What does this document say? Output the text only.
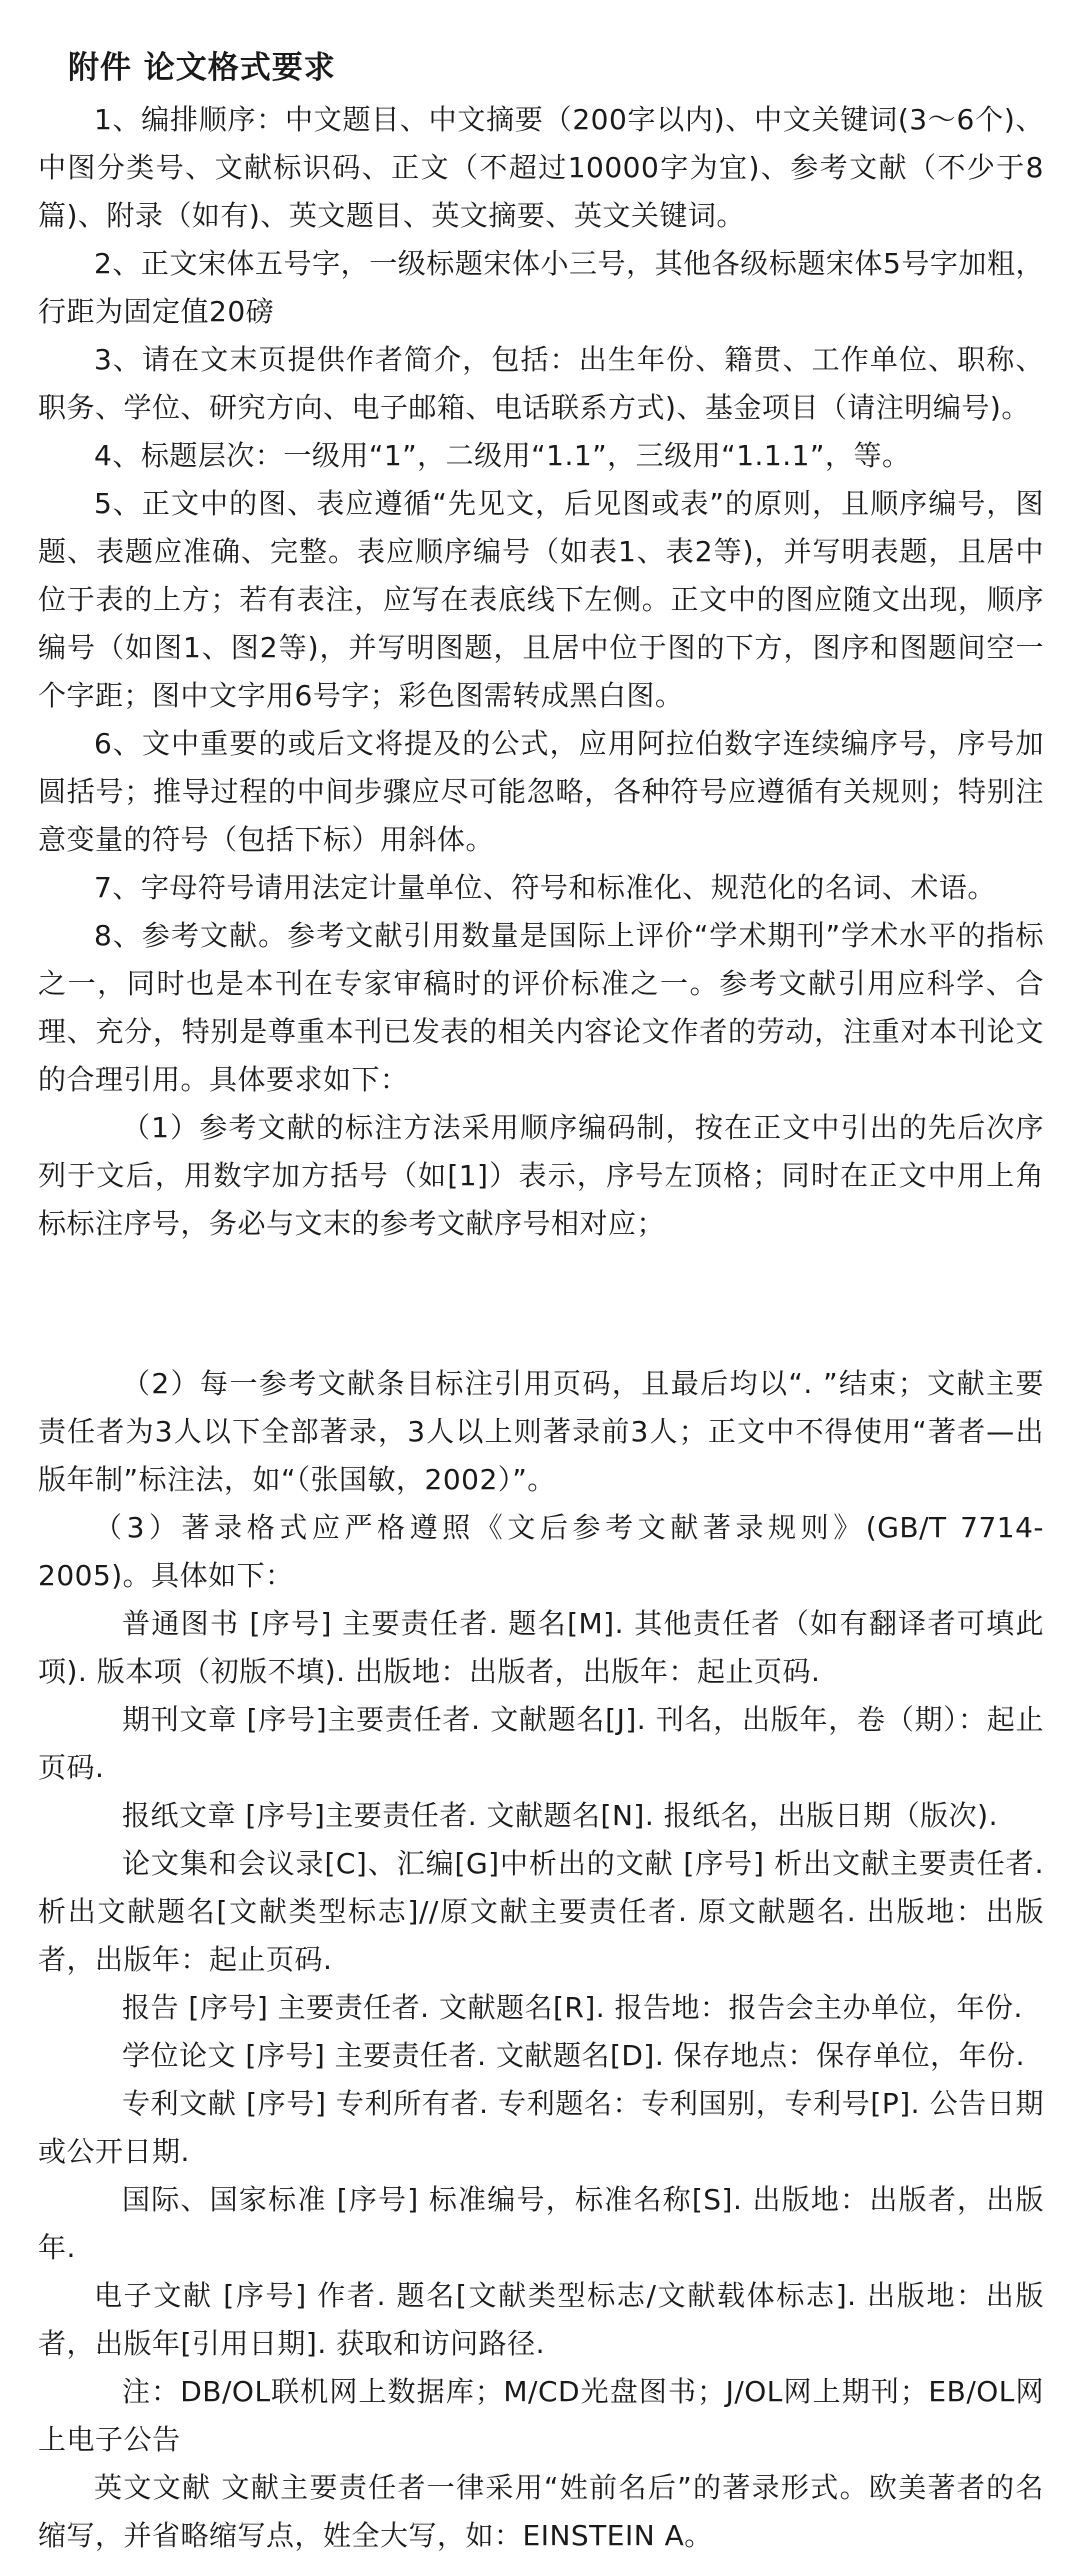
附件 论文格式要求

1、编排顺序：中文题目、中文摘要（200字以内)、中文关键词(3～6个)、中图分类号、文献标识码、正文（不超过10000字为宜)、参考文献（不少于8篇)、附录（如有)、英文题目、英文摘要、英文关键词。

2、正文宋体五号字，一级标题宋体小三号，其他各级标题宋体5号字加粗，行距为固定值20磅

3、请在文末页提供作者简介，包括：出生年份、籍贯、工作单位、职称、职务、学位、研究方向、电子邮箱、电话联系方式)、基金项目（请注明编号)。

4、标题层次：一级用“1”，二级用“1.1”，三级用“1.1.1”，等。

5、正文中的图、表应遵循“先见文，后见图或表”的原则，且顺序编号，图题、表题应准确、完整。表应顺序编号（如表1、表2等)，并写明表题，且居中位于表的上方；若有表注，应写在表底线下左侧。正文中的图应随文出现，顺序编号（如图1、图2等)，并写明图题，且居中位于图的下方，图序和图题间空一个字距；图中文字用6号字；彩色图需转成黑白图。

6、文中重要的或后文将提及的公式，应用阿拉伯数字连续编序号，序号加圆括号；推导过程的中间步骤应尽可能忽略，各种符号应遵循有关规则；特别注意变量的符号（包括下标）用斜体。

7、字母符号请用法定计量单位、符号和标准化、规范化的名词、术语。

8、参考文献。参考文献引用数量是国际上评价“学术期刊”学术水平的指标之一，同时也是本刊在专家审稿时的评价标准之一。参考文献引用应科学、合理、充分，特别是尊重本刊已发表的相关内容论文作者的劳动，注重对本刊论文的合理引用。具体要求如下：

（1）参考文献的标注方法采用顺序编码制，按在正文中引出的先后次序列于文后，用数字加方括号（如[1]）表示，序号左顶格；同时在正文中用上角标标注序号，务必与文末的参考文献序号相对应；

（2）每一参考文献条目标注引用页码，且最后均以“. ”结束；文献主要责任者为3人以下全部著录，3人以上则著录前3人；正文中不得使用“著者—出版年制”标注法，如“（张国敏，2002）”。

（3）著录格式应严格遵照《文后参考文献著录规则》(GB/T 7714-2005)。具体如下：

普通图书 [序号] 主要责任者. 题名[M]. 其他责任者（如有翻译者可填此项). 版本项（初版不填). 出版地：出版者，出版年：起止页码.

期刊文章 [序号]主要责任者. 文献题名[J]. 刊名，出版年，卷（期）：起止页码.

报纸文章 [序号]主要责任者. 文献题名[N]. 报纸名，出版日期（版次).

论文集和会议录[C]、汇编[G]中析出的文献 [序号] 析出文献主要责任者. 析出文献题名[文献类型标志]//原文献主要责任者. 原文献题名. 出版地：出版者，出版年：起止页码.

报告 [序号] 主要责任者. 文献题名[R]. 报告地：报告会主办单位，年份.

学位论文 [序号] 主要责任者. 文献题名[D]. 保存地点：保存单位，年份.

专利文献 [序号] 专利所有者. 专利题名：专利国别，专利号[P]. 公告日期或公开日期.

国际、国家标准 [序号] 标准编号，标准名称[S]. 出版地：出版者，出版年.

电子文献 [序号] 作者. 题名[文献类型标志/文献载体标志]. 出版地：出版者，出版年[引用日期]. 获取和访问路径.

注：DB/OL联机网上数据库；M/CD光盘图书；J/OL网上期刊；EB/OL网上电子公告

英文文献 文献主要责任者一律采用“姓前名后”的著录形式。欧美著者的名缩写，并省略缩写点，姓全大写，如：EINSTEIN A。
